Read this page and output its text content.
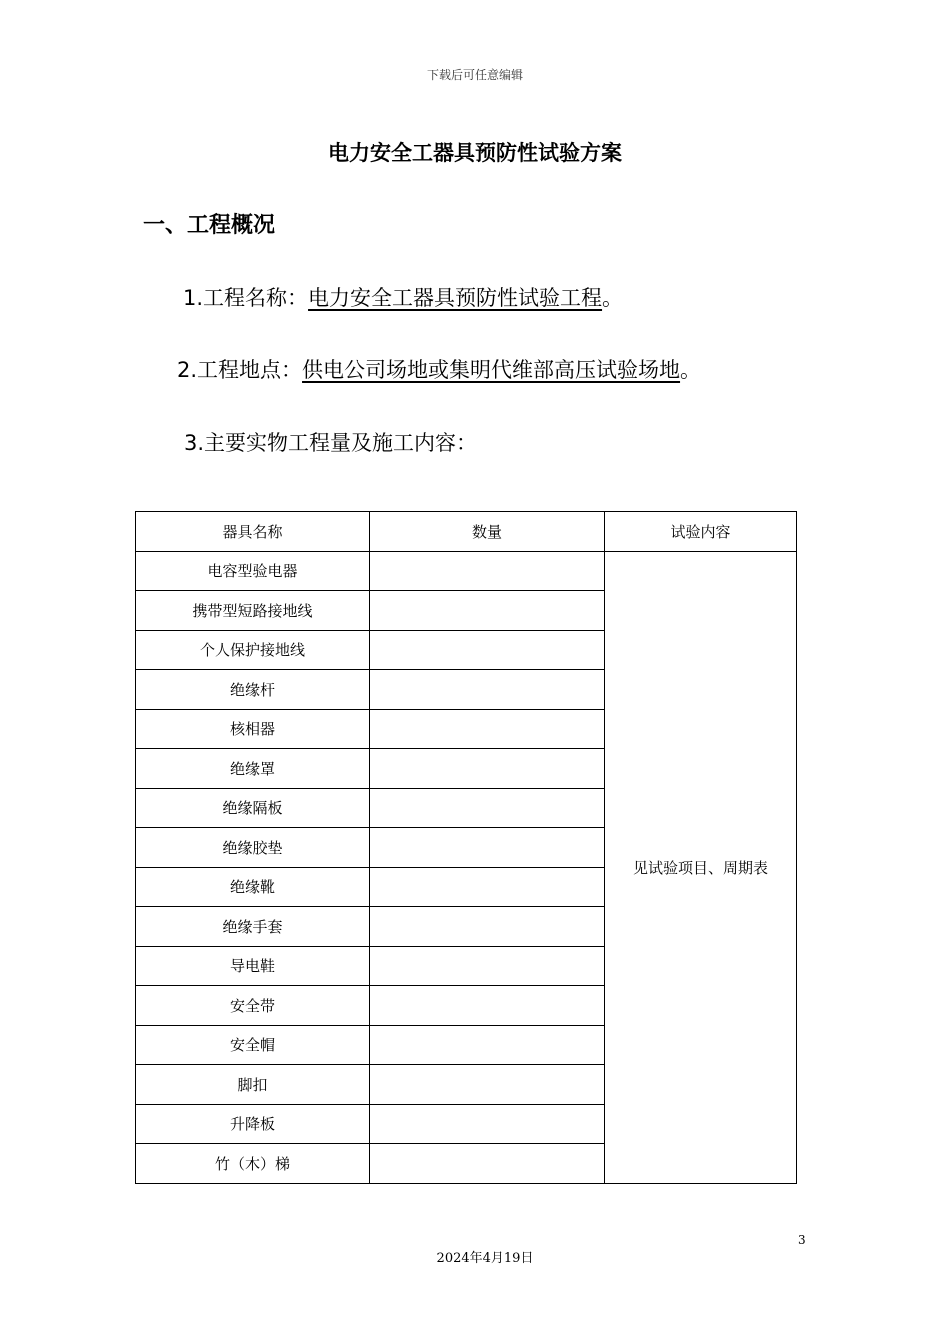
下载后可任意编辑
电力安全工器具预防性试验方案
一、工程概况
1.工程名称：电力安全工器具预防性试验工程。
2.工程地点：供电公司场地或集明代维部高压试验场地。
3.主要实物工程量及施工内容：
器具名称	数量	试验内容
电容型验电器		见试验项目、周期表
携带型短路接地线		
个人保护接地线		
绝缘杆		
核相器		
绝缘罩		
绝缘隔板		
绝缘胶垫		
绝缘靴		
绝缘手套		
导电鞋		
安全带		
安全帽		
脚扣		
升降板		
竹（木）梯		
3
2024年4月19日
